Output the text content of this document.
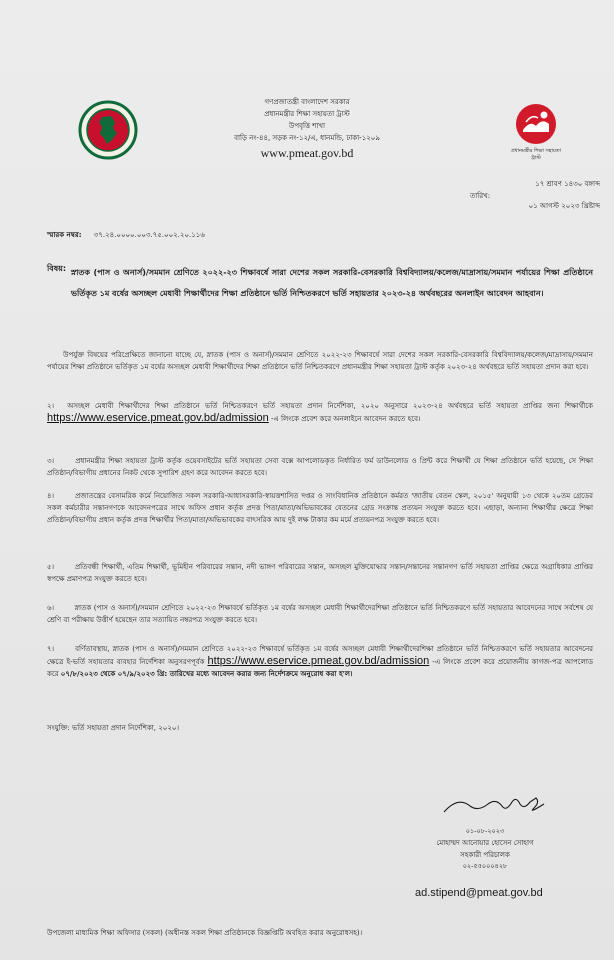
প্রধানমন্ত্রীর শিক্ষা সহায়তা ট্রাস্ট
গণপ্রজাতন্ত্রী বাংলাদেশ সরকার
প্রধানমন্ত্রীর শিক্ষা সহায়তা ট্রাস্ট
উপবৃত্তি শাখা
বাড়ি নং-৪৪, সড়ক নং-১২/এ, ধানমন্ডি, ঢাকা-১২০৯
www.pmeat.gov.bd
১৭ শ্রাবণ ১৪৩০ বঙ্গাব্দ
তারিখ:
০১ আগস্ট ২০২৩ খ্রিষ্টাব্দ
স্মারক নম্বর: ৩৭.২৪.০০০০.০০৩.৭৫.০০২.২০.১১৬
বিষয়: স্নাতক (পাস ও অনার্স)/সমমান শ্রেণিতে ২০২২-২৩ শিক্ষাবর্ষে সারা দেশের সকল সরকারি-বেসরকারি বিশ্ববিদ্যালয়/কলেজ/মাদ্রাসায়/সমমান পর্যায়ের শিক্ষা প্রতিষ্ঠানে ভর্তিকৃত ১ম বর্ষের অসচ্ছল মেধাবী শিক্ষার্থীদের শিক্ষা প্রতিষ্ঠানে ভর্তি নিশ্চিতকরণে ভর্তি সহায়তার ২০২৩-২৪ অর্থবছরের অনলাইন আবেদন আহবান।
উপর্যুক্ত বিষয়ের পরিপ্রেক্ষিতে জানানো যাচ্ছে যে, স্নাতক (পাস ও অনার্স)/সমমান শ্রেণিতে ২০২২-২৩ শিক্ষাবর্ষে সারা দেশের সকল সরকারি-বেসরকারি বিশ্ববিদ্যালয়/কলেজ/মাদ্রাসায়/সমমান পর্যায়ের শিক্ষা প্রতিষ্ঠানে ভর্তিকৃত ১ম বর্ষের অসচ্ছল মেধাবী শিক্ষার্থীদের শিক্ষা প্রতিষ্ঠানে ভর্তি নিশ্চিতকরণে প্রধানমন্ত্রীর শিক্ষা সহায়তা ট্রাস্ট কর্তৃক ২০২৩-২৪ অর্থবছরে ভর্তি সহায়তা প্রদান করা হবে।
২। অসচ্ছল মেধাবী শিক্ষার্থীদের শিক্ষা প্রতিষ্ঠানে ভর্তি নিশ্চিতকরণে ভর্তি সহায়তা প্রদান নির্দেশিকা, ২০২০ অনুসারে ২০২৩-২৪ অর্থবছরে ভর্তি সহায়তা প্রাপ্তির জন্য শিক্ষার্থীকে https://www.eservice.pmeat.gov.bd/admission -এ লিংকে প্রবেশ করে অনলাইনে আবেদন করতে হবে।
৩।	প্রধানমন্ত্রীর শিক্ষা সহায়তা ট্রাস্ট কর্তৃক ওয়েবসাইটের ভর্তি সহায়তা সেবা বক্সে আপলোডকৃত নির্ধারিত ফর্ম ডাউনলোড ও প্রিন্ট করে শিক্ষার্থী যে শিক্ষা প্রতিষ্ঠানে ভর্তি হয়েছে, সে শিক্ষা প্রতিষ্ঠান/বিভাগীয় প্রধানের নিকট থেকে সুপারিশ গ্রহণ করে আবেদন করতে হবে।
৪।	প্রজাতন্ত্রের বেসামরিক কর্মে নিয়োজিত সকল সরকারি-আধাসরকারি-স্বায়ত্তশাসিত দপ্তর ও সাংবিধানিক প্রতিষ্ঠানে কর্মরত 'জাতীয় বেতন স্কেল, ২০১৫' অনুযায়ী ১৩ থেকে ২০তম গ্রেডের সকল কর্মচারীর সন্তানগণকে আবেদনপত্রের সাথে অফিস প্রধান কর্তৃক প্রদত্ত পিতা/মাতা/অভিভাবকের বেতনের গ্রেড সংক্রান্ত প্রত্যয়ন সংযুক্ত করতে হবে। এছাড়া, অন্যান্য শিক্ষার্থীর ক্ষেত্রে শিক্ষা প্রতিষ্ঠান/বিভাগীয় প্রধান কর্তৃক প্রদত্ত শিক্ষার্থীর পিতা/মাতা/অভিভাবকের বাৎসরিক আয় দুই লক্ষ টাকার কম মর্মে প্রত্যয়নপত্র সংযুক্ত করতে হবে।
৫।	প্রতিবন্ধী শিক্ষার্থী, এতিম শিক্ষার্থী, ভূমিহীন পরিবারের সন্তান, নদী ভাঙ্গণ পরিবারের সন্তান, অসচ্ছল মুক্তিযোদ্ধার সন্তান/সন্তানের সন্তানগণ ভর্তি সহায়তা প্রাপ্তির ক্ষেত্রে অগ্রাধিকার প্রাপ্তির স্বপক্ষে প্রমাণপত্র সংযুক্ত করতে হবে।
৬।	স্নাতক (পাস ও অনার্স)/সমমান শ্রেণিতে ২০২২-২৩ শিক্ষাবর্ষে ভর্তিকৃত ১ম বর্ষের অসচ্ছল মেধাবী শিক্ষার্থীদেরশিক্ষা প্রতিষ্ঠানে ভর্তি নিশ্চিতকরণে ভর্তি সহায়তার আবেদনের সাথে সর্বশেষ যে শ্রেণি বা পরীক্ষায় উত্তীর্ণ হয়েছেন তার সত্যায়িত নম্বরপত্র সংযুক্ত করতে হবে।
৭।	বর্ণিতাবস্থায়, স্নাতক (পাস ও অনার্স)/সমমান শ্রেণিতে ২০২২-২৩ শিক্ষাবর্ষে ভর্তিকৃত ১ম বর্ষের অসচ্ছল মেধাবী শিক্ষার্থীদেরশিক্ষা প্রতিষ্ঠানে ভর্তি নিশ্চিতকরণে ভর্তি সহায়তার আবেদনের ক্ষেত্রে ই-ভর্তি সহায়তার ব্যবহার নির্দেশিকা অনুসরণপূর্বক https://www.eservice.pmeat.gov.bd/admission -এ লিংকে প্রবেশ করে প্রয়োজনীয় কাগজ-পত্র আপলোড করে ০৭/৮/২০২৩ থেকে ০৭/৯/২০২৩ খ্রি: তারিখের মধ্যে আবেদন করার জন্য নির্দেশক্রমে অনুরোধ করা হ'ল।
সংযুক্তি: ভর্তি সহায়তা প্রদান নির্দেশিকা, ২০২০।
০১-০৮-২০২৩
মোহাম্মদ আনোয়ার হোসেন সোহাগ
সহকারী পরিচালক
০২-৫৫০০০৪২৮
ad.stipend@pmeat.gov.bd
উপজেলা মাধ্যমিক শিক্ষা অফিসার (সকল) (অধীনস্ত সকল শিক্ষা প্রতিষ্ঠানকে বিজ্ঞপ্তিটি অবহিত করার অনুরোধসহ)।
